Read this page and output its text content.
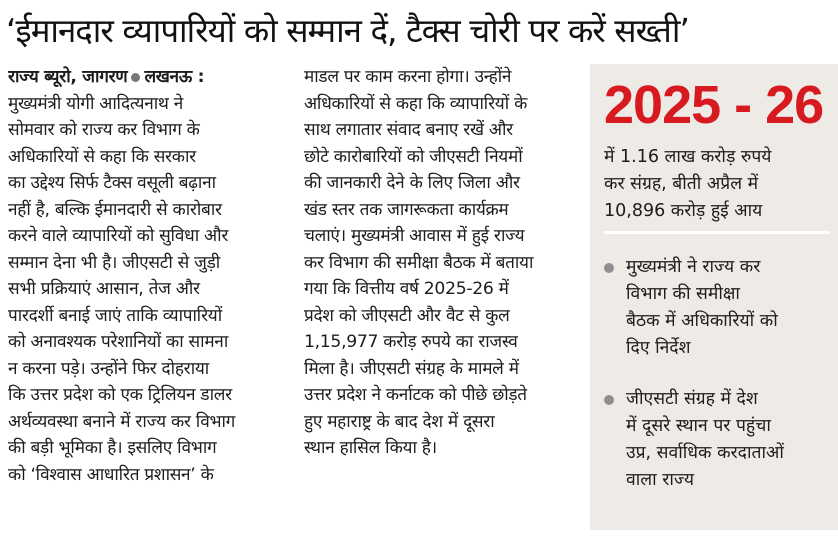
‘ईमानदार व्यापारियों को सम्मान दें, टैक्स चोरी पर करें सख्ती’
राज्य ब्यूरो, जागरण लखनऊ :
मुख्यमंत्री योगी आदित्यनाथ ने
सोमवार को राज्य कर विभाग के
अधिकारियों से कहा कि सरकार
का उद्देश्य सिर्फ टैक्स वसूली बढ़ाना
नहीं है, बल्कि ईमानदारी से कारोबार
करने वाले व्यापारियों को सुविधा और
सम्मान देना भी है। जीएसटी से जुड़ी
सभी प्रक्रियाएं आसान, तेज और
पारदर्शी बनाई जाएं ताकि व्यापारियों
को अनावश्यक परेशानियों का सामना
न करना पड़े। उन्होंने फिर दोहराया
कि उत्तर प्रदेश को एक ट्रिलियन डालर
अर्थव्यवस्था बनाने में राज्य कर विभाग
की बड़ी भूमिका है। इसलिए विभाग
को ‘विश्वास आधारित प्रशासन’ के
माडल पर काम करना होगा। उन्होंने
अधिकारियों से कहा कि व्यापारियों के
साथ लगातार संवाद बनाए रखें और
छोटे कारोबारियों को जीएसटी नियमों
की जानकारी देने के लिए जिला और
खंड स्तर तक जागरूकता कार्यक्रम
चलाएं। मुख्यमंत्री आवास में हुई राज्य
कर विभाग की समीक्षा बैठक में बताया
गया कि वित्तीय वर्ष 2025-26 में
प्रदेश को जीएसटी और वैट से कुल
1,15,977 करोड़ रुपये का राजस्व
मिला है। जीएसटी संग्रह के मामले में
उत्तर प्रदेश ने कर्नाटक को पीछे छोड़ते
हुए महाराष्ट्र के बाद देश में दूसरा
स्थान हासिल किया है।
2025 - 26
में 1.16 लाख करोड़ रुपये
कर संग्रह, बीती अप्रैल में
10,896 करोड़ हुई आय
मुख्यमंत्री ने राज्य कर
विभाग की समीक्षा
बैठक में अधिकारियों को
दिए निर्देश
जीएसटी संग्रह में देश
में दूसरे स्थान पर पहुंचा
उप्र, सर्वाधिक करदाताओं
वाला राज्य
